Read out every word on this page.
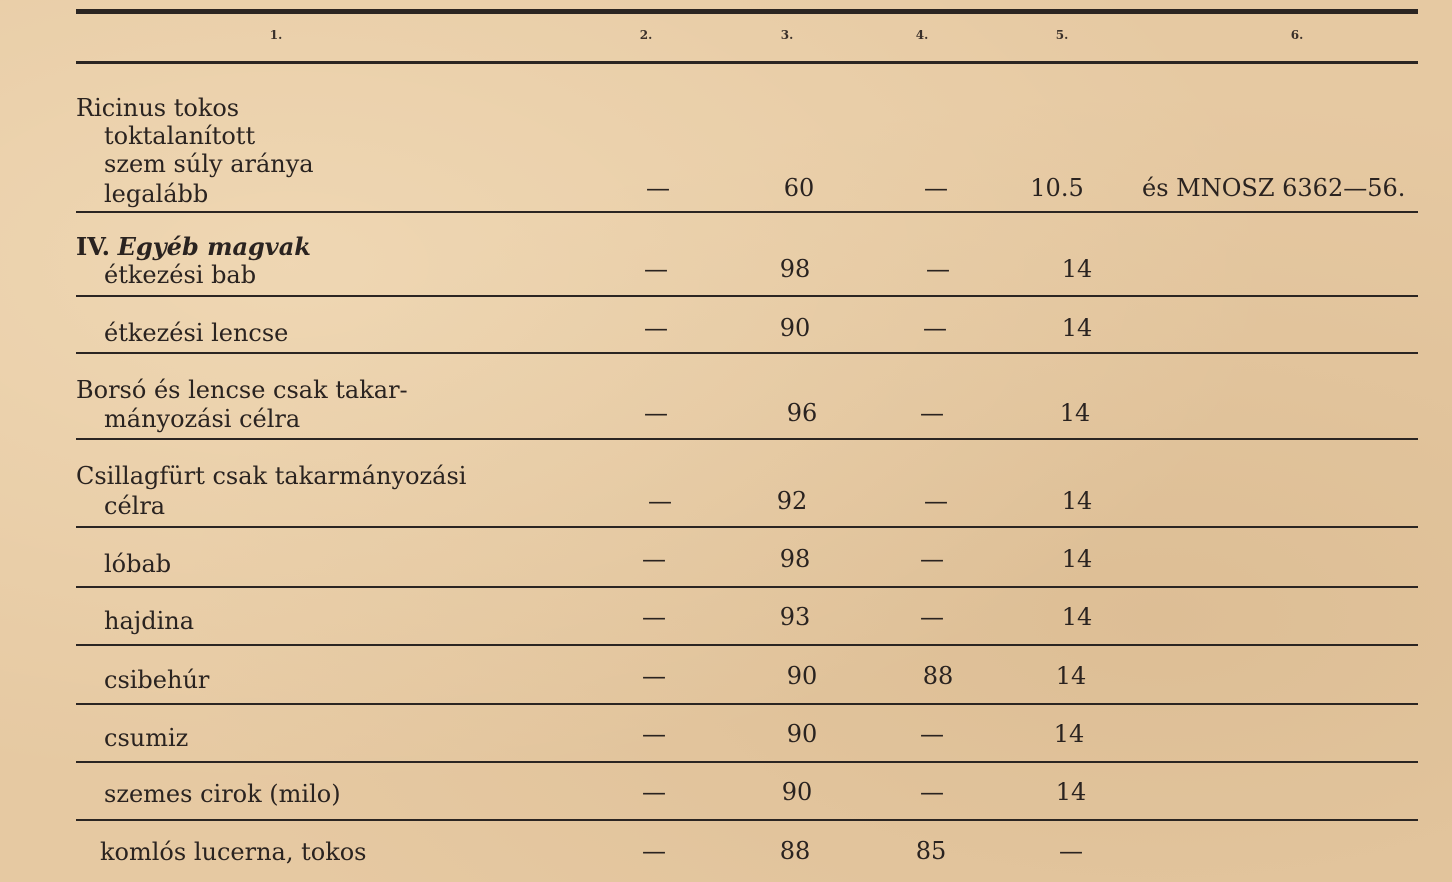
1.	2.	3.	4.	5.	6.
Ricinus tokos
toktalanított
szem súly aránya
legalább	—	60	—	10.5 és MNOSZ 6362—56.
IV. Egyéb magvak
étkezési bab	—	98	—	14
étkezési lencse	—	90	—	14
Borsó és lencse csak takar-
mányozási célra	—	96	—	14
Csillagfürt csak takarmányozási
célra	—	92	—	14
lóbab	—	98	—	14
hajdina	—	93	—	14
csibehúr	—	90	88	14
csumiz	—	90	—	14
szemes cirok (milo)	—	90	—	14
komlós lucerna, tokos	—	88	85	—
